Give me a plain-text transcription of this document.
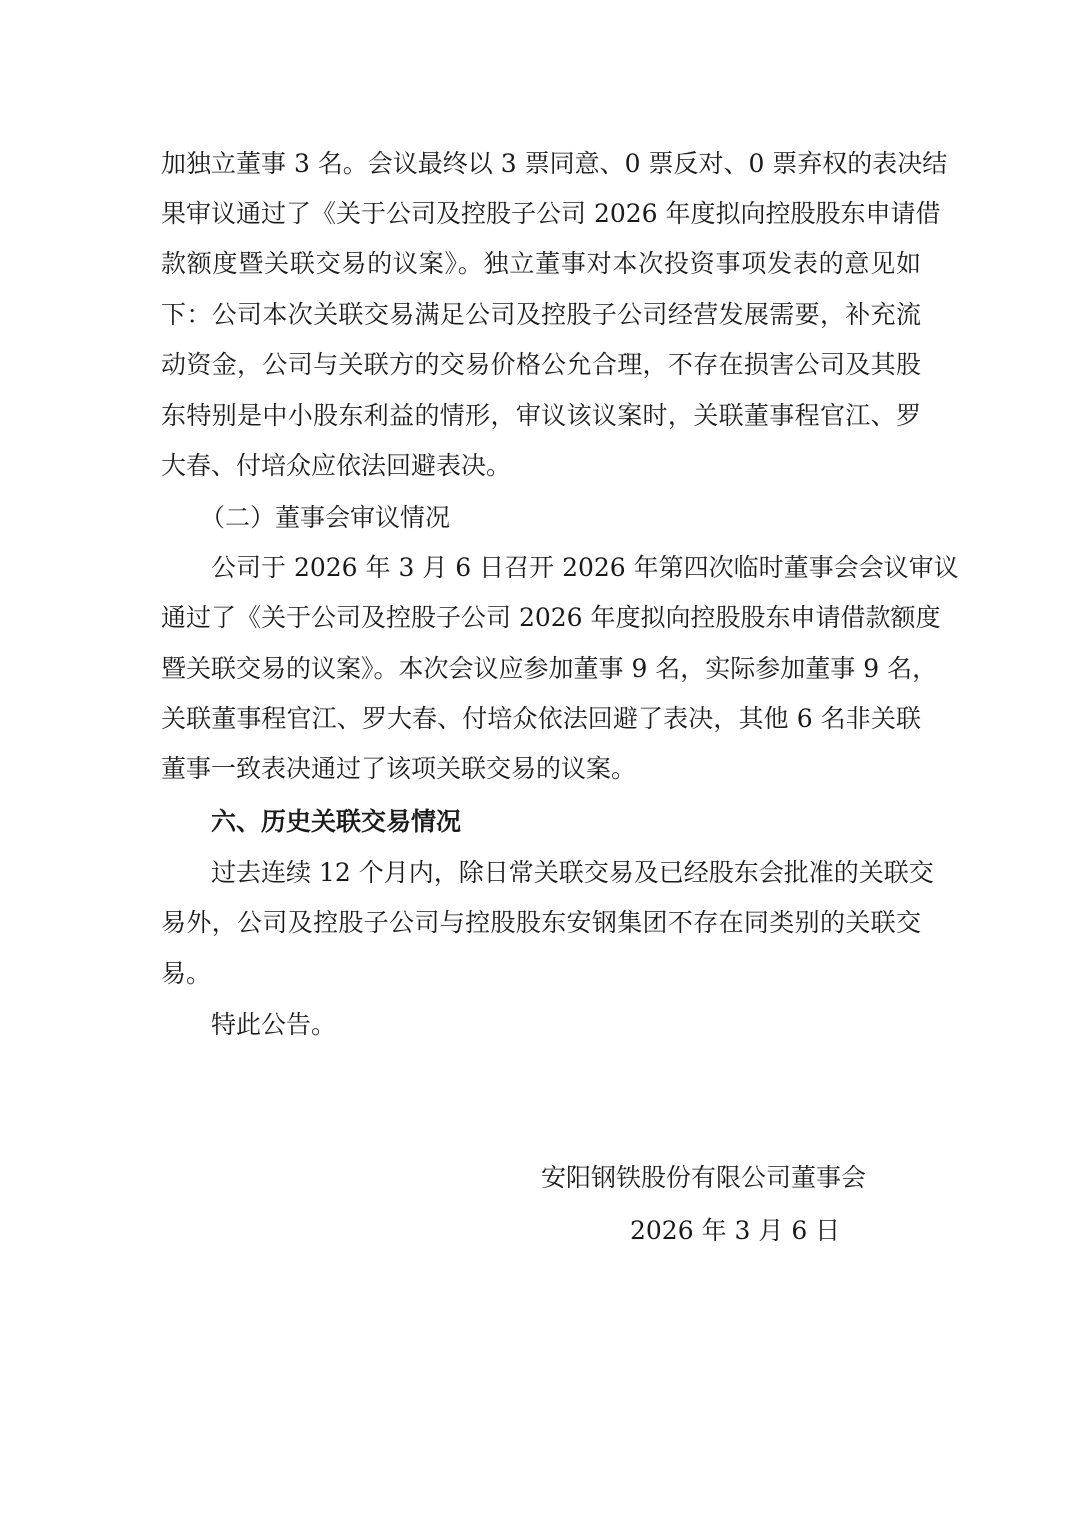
加独立董事 3 名。会议最终以 3 票同意、0 票反对、0 票弃权的表决结
果审议通过了《关于公司及控股子公司 2026 年度拟向控股股东申请借
款额度暨关联交易的议案》。独立董事对本次投资事项发表的意见如
下：公司本次关联交易满足公司及控股子公司经营发展需要，补充流
动资金，公司与关联方的交易价格公允合理，不存在损害公司及其股
东特别是中小股东利益的情形，审议该议案时，关联董事程官江、罗
大春、付培众应依法回避表决。
（二）董事会审议情况
公司于 2026 年 3 月 6 日召开 2026 年第四次临时董事会会议审议
通过了《关于公司及控股子公司 2026 年度拟向控股股东申请借款额度
暨关联交易的议案》。本次会议应参加董事 9 名，实际参加董事 9 名，
关联董事程官江、罗大春、付培众依法回避了表决，其他 6 名非关联
董事一致表决通过了该项关联交易的议案。
六、历史关联交易情况
过去连续 12 个月内，除日常关联交易及已经股东会批准的关联交
易外，公司及控股子公司与控股股东安钢集团不存在同类别的关联交
易。
特此公告。
安阳钢铁股份有限公司董事会
2026 年 3 月 6 日
